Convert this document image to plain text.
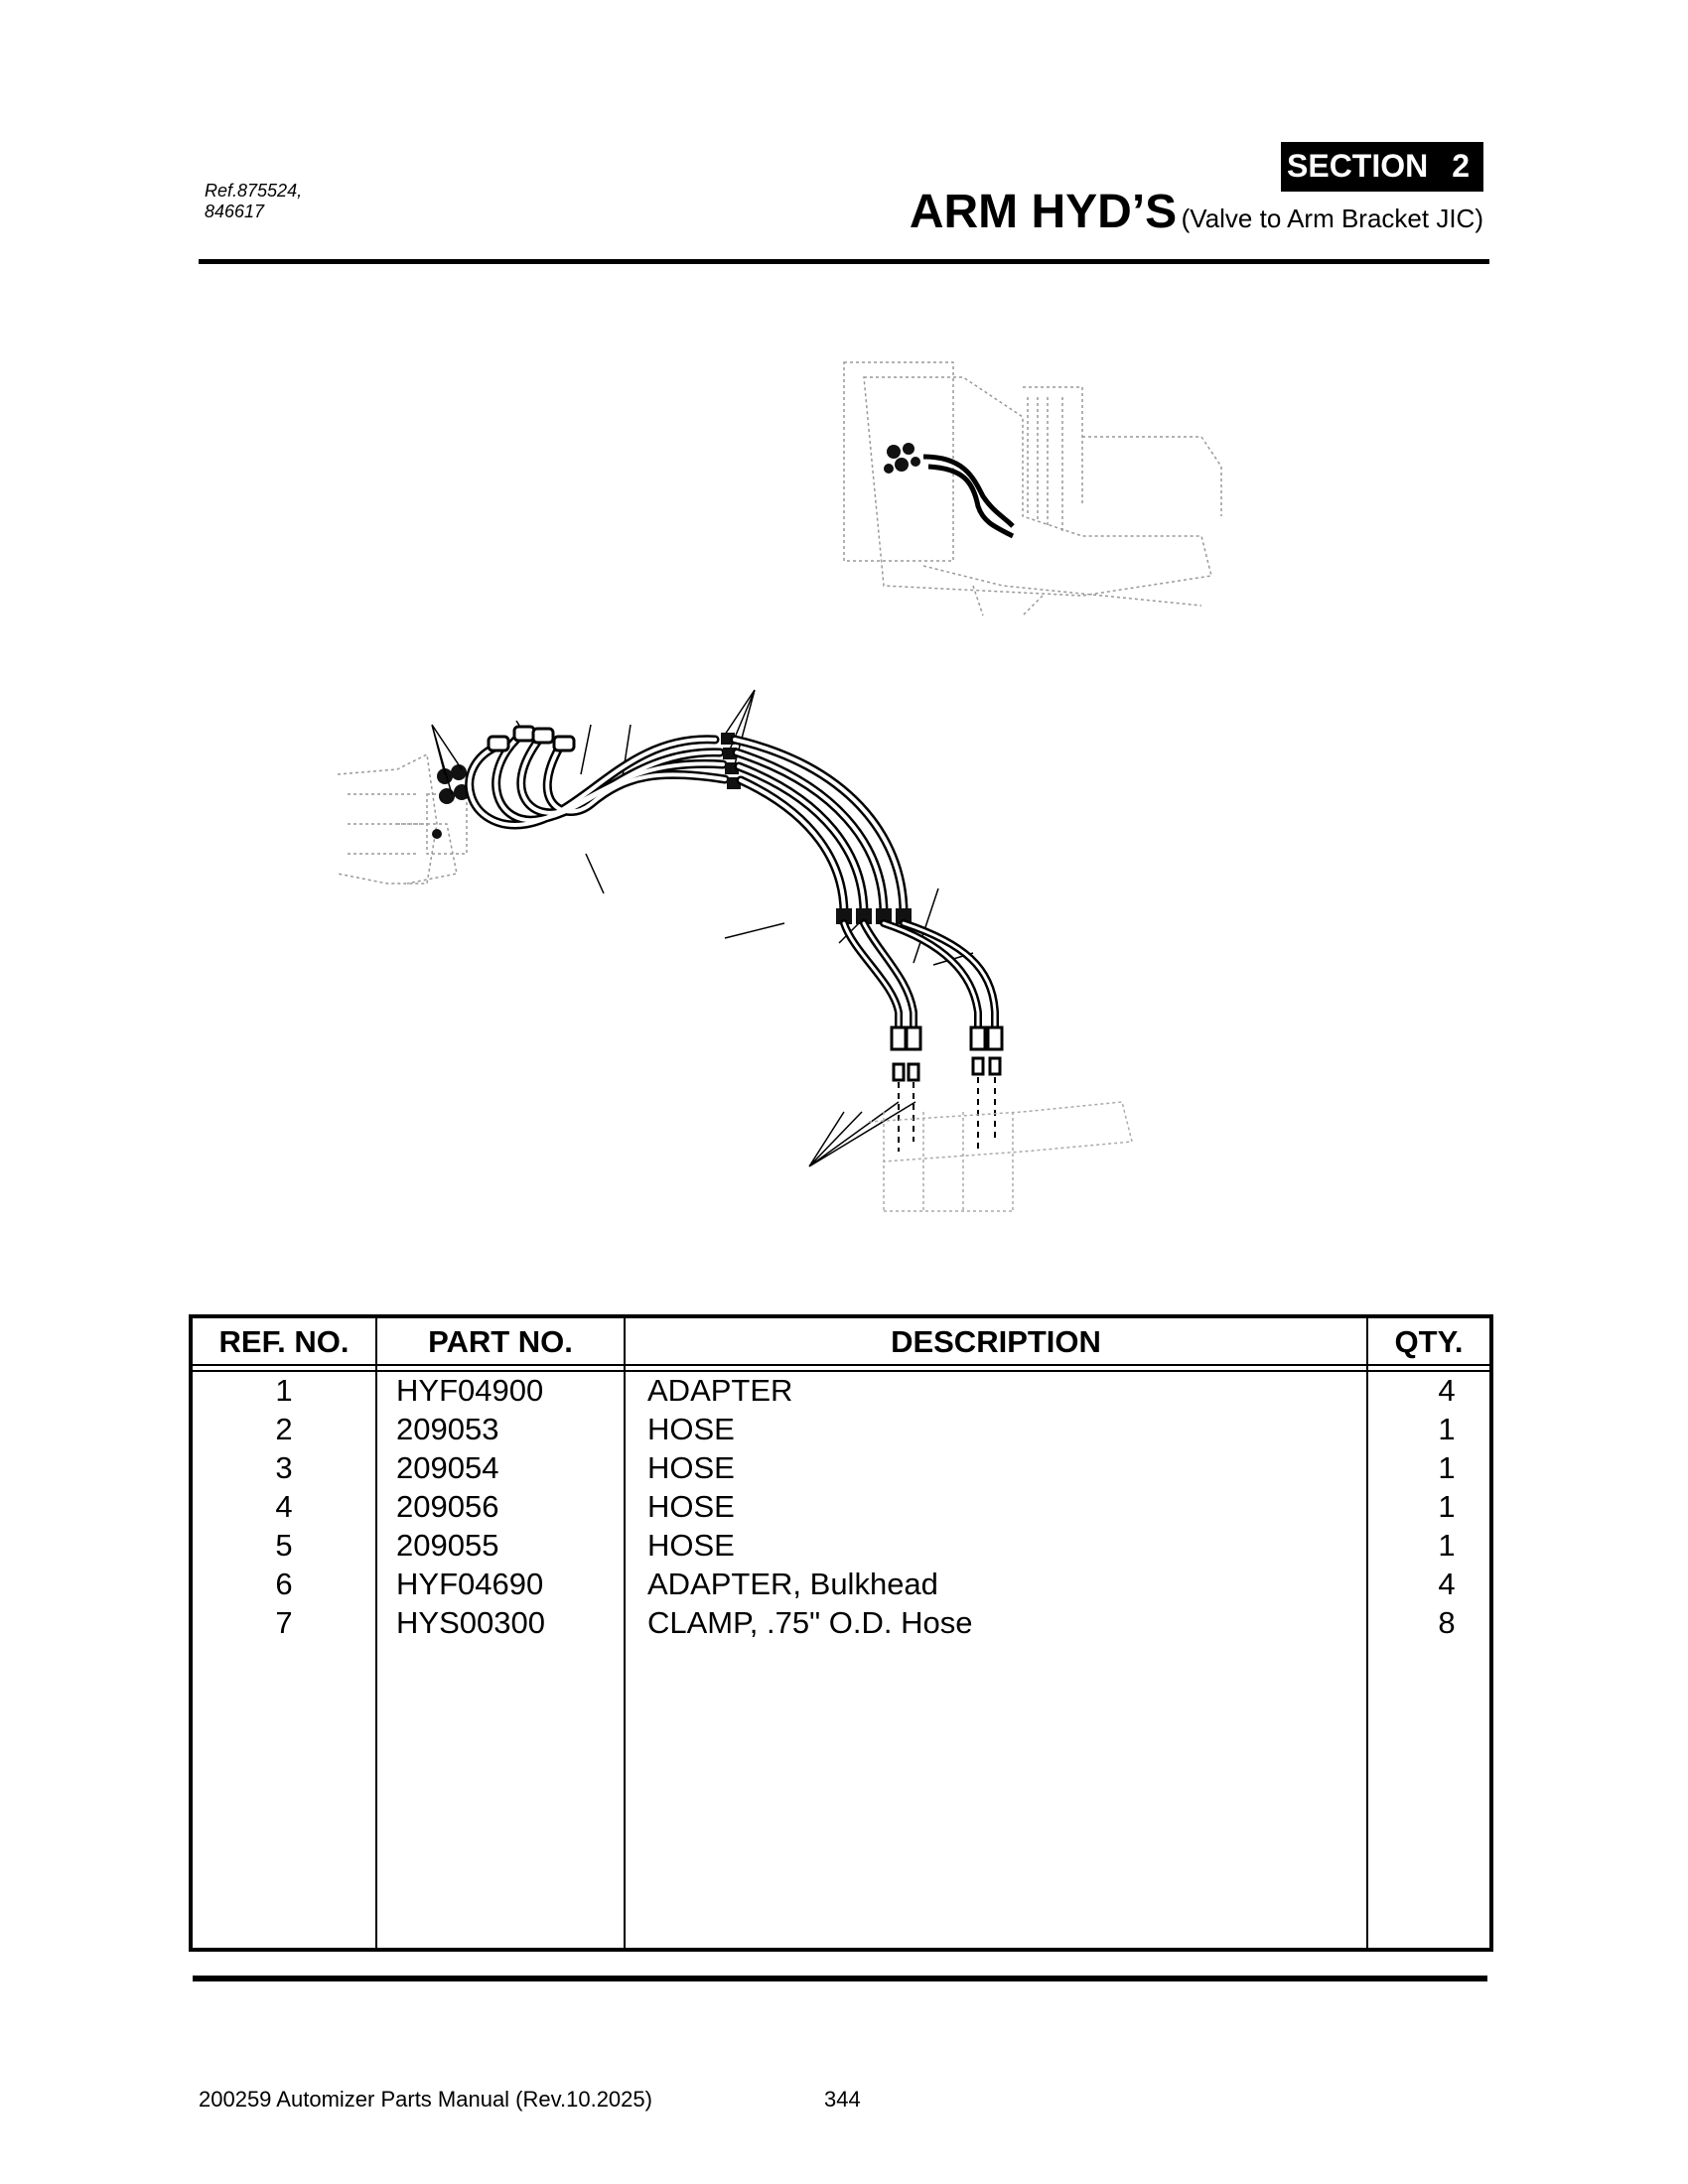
Ref.875524,
846617
SECTION 2
ARM HYD’S (Valve to Arm Bracket JIC)
REF. NO.	PART NO.	DESCRIPTION	QTY.
1	HYF04900	ADAPTER	4
2	209053	HOSE	1
3	209054	HOSE	1
4	209056	HOSE	1
5	209055	HOSE	1
6	HYF04690	ADAPTER, Bulkhead	4
7	HYS00300	CLAMP, .75" O.D. Hose	8
200259 Automizer Parts Manual (Rev.10.2025)	344
